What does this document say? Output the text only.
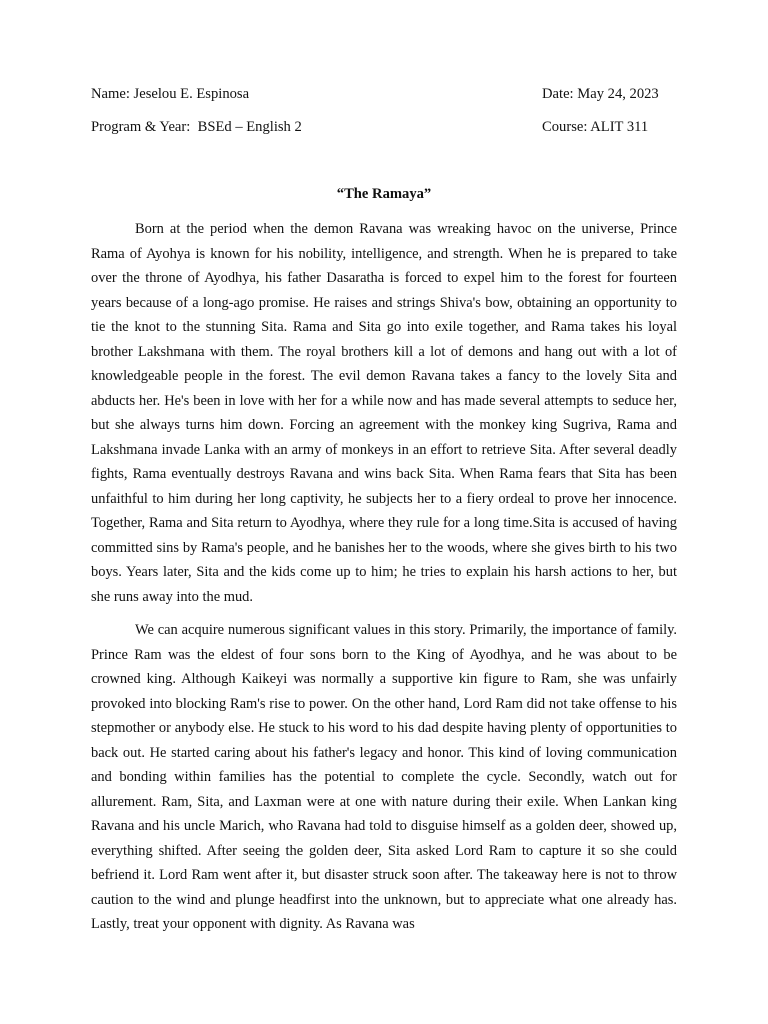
Name: Jeselou E. Espinosa	Date: May 24, 2023
Program & Year:  BSEd – English 2	Course: ALIT 311
“The Ramaya”

Born at the period when the demon Ravana was wreaking havoc on the universe, Prince Rama of Ayohya is known for his nobility, intelligence, and strength. When he is prepared to take over the throne of Ayodhya, his father Dasaratha is forced to expel him to the forest for fourteen years because of a long-ago promise. He raises and strings Shiva's bow, obtaining an opportunity to tie the knot to the stunning Sita. Rama and Sita go into exile together, and Rama takes his loyal brother Lakshmana with them. The royal brothers kill a lot of demons and hang out with a lot of knowledgeable people in the forest. The evil demon Ravana takes a fancy to the lovely Sita and abducts her. He's been in love with her for a while now and has made several attempts to seduce her, but she always turns him down. Forcing an agreement with the monkey king Sugriva, Rama and Lakshmana invade Lanka with an army of monkeys in an effort to retrieve Sita. After several deadly fights, Rama eventually destroys Ravana and wins back Sita. When Rama fears that Sita has been unfaithful to him during her long captivity, he subjects her to a fiery ordeal to prove her innocence. Together, Rama and Sita return to Ayodhya, where they rule for a long time.Sita is accused of having committed sins by Rama's people, and he banishes her to the woods, where she gives birth to his two boys. Years later, Sita and the kids come up to him; he tries to explain his harsh actions to her, but she runs away into the mud.

We can acquire numerous significant values in this story. Primarily, the importance of family. Prince Ram was the eldest of four sons born to the King of Ayodhya, and he was about to be crowned king. Although Kaikeyi was normally a supportive kin figure to Ram, she was unfairly provoked into blocking Ram's rise to power. On the other hand, Lord Ram did not take offense to his stepmother or anybody else. He stuck to his word to his dad despite having plenty of opportunities to back out. He started caring about his father's legacy and honor. This kind of loving communication and bonding within families has the potential to complete the cycle. Secondly, watch out for allurement. Ram, Sita, and Laxman were at one with nature during their exile. When Lankan king Ravana and his uncle Marich, who Ravana had told to disguise himself as a golden deer, showed up, everything shifted. After seeing the golden deer, Sita asked Lord Ram to capture it so she could befriend it. Lord Ram went after it, but disaster struck soon after. The takeaway here is not to throw caution to the wind and plunge headfirst into the unknown, but to appreciate what one already has. Lastly, treat your opponent with dignity. As Ravana was
